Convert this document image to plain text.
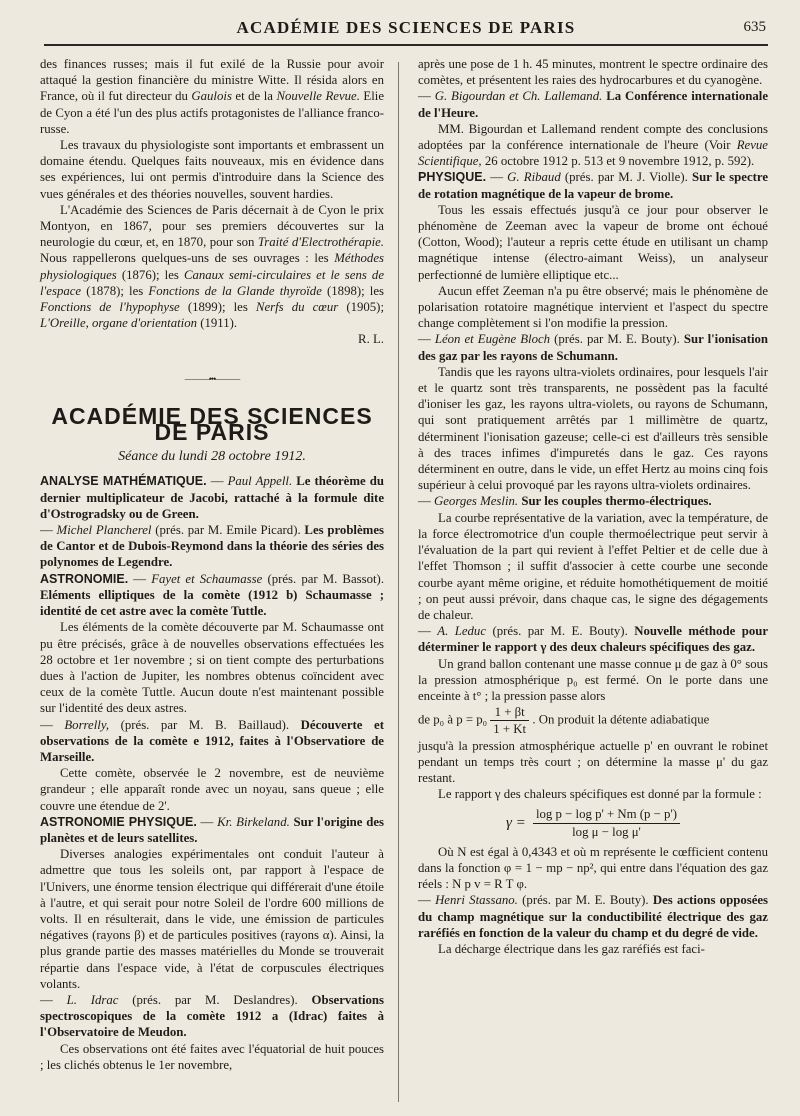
ACADÉMIE DES SCIENCES DE PARIS	635

des finances russes; mais il fut exilé de la Russie pour avoir attaqué la gestion financière du ministre Witte. Il résida alors en France, où il fut directeur du Gaulois et de la Nouvelle Revue. Elie de Cyon a été l'un des plus actifs protagonistes de l'alliance franco-russe.

Les travaux du physiologiste sont importants et embrassent un domaine étendu. Quelques faits nouveaux, mis en évidence dans ses expériences, lui ont permis d'introduire dans la Science des vues générales et des théories nouvelles, souvent hardies.

L'Académie des Sciences de Paris décernait à de Cyon le prix Montyon, en 1867, pour ses premiers découvertes sur la neurologie du cœur, et, en 1870, pour son Traité d'Electrothérapie. Nous rappellerons quelques-uns de ses ouvrages : les Méthodes physiologiques (1876); les Canaux semi-circulaires et le sens de l'espace (1878); les Fonctions de la Glande thyroïde (1898); les Fonctions de l'hypophyse (1899); les Nerfs du cœur (1905); L'Oreille, organe d'orientation (1911).

R. L.
———•••———
ACADÉMIE DES SCIENCES DE PARIS
Séance du lundi 28 octobre 1912.

ANALYSE MATHÉMATIQUE. — Paul Appell. Le théorème du dernier multiplicateur de Jacobi, rattaché à la formule dite d'Ostrogradsky ou de Green.

— Michel Plancherel (prés. par M. Emile Picard). Les problèmes de Cantor et de Dubois-Reymond dans la théorie des séries des polynomes de Legendre.

ASTRONOMIE. — Fayet et Schaumasse (prés. par M. Bassot). Eléments elliptiques de la comète (1912 b) Schaumasse ; identité de cet astre avec la comète Tuttle.

Les éléments de la comète découverte par M. Schaumasse ont pu être précisés, grâce à de nouvelles observations effectuées les 28 octobre et 1er novembre ; si on tient compte des perturbations dues à l'action de Jupiter, les nombres obtenus coïncident avec ceux de la comète Tuttle. Aucun doute n'est maintenant possible sur l'identité des deux astres.

— Borrelly, (prés. par M. B. Baillaud). Découverte et observations de la comète e 1912, faites à l'Observatiore de Marseille.

Cette comète, observée le 2 novembre, est de neuvième grandeur ; elle apparaît ronde avec un noyau, sans queue ; elle couvre une étendue de 2'.

ASTRONOMIE PHYSIQUE. — Kr. Birkeland. Sur l'origine des planètes et de leurs satellites.

Diverses analogies expérimentales ont conduit l'auteur à admettre que tous les soleils ont, par rapport à l'espace de l'Univers, une énorme tension électrique qui différerait d'une étoile à l'autre, et qui serait pour notre Soleil de l'ordre 600 millions de volts. Il en résulterait, dans le vide, une émission de particules négatives (rayons β) et de particules positives (rayons α). Ainsi, la plus grande partie des masses matérielles du Monde se trouverait répartie dans l'espace vide, à l'état de corpuscules électriques volants.

— L. Idrac (prés. par M. Deslandres). Observations spectroscopiques de la comète 1912 a (Idrac) faites à l'Observatoire de Meudon.

Ces observations ont été faites avec l'équatorial de huit pouces ; les clichés obtenus le 1er novembre,

après une pose de 1 h. 45 minutes, montrent le spectre ordinaire des comètes, et présentent les raies des hydrocarbures et du cyanogène.

— G. Bigourdan et Ch. Lallemand. La Conférence internationale de l'Heure.

MM. Bigourdan et Lallemand rendent compte des conclusions adoptées par la conférence internationale de l'heure (Voir Revue Scientifique, 26 octobre 1912 p. 513 et 9 novembre 1912, p. 592).

PHYSIQUE. — G. Ribaud (prés. par M. J. Violle). Sur le spectre de rotation magnétique de la vapeur de brome.

Tous les essais effectués jusqu'à ce jour pour observer le phénomène de Zeeman avec la vapeur de brome ont échoué (Cotton, Wood); l'auteur a repris cette étude en utilisant un champ magnétique intense (électro-aimant Weiss), un analyseur perfectionné de lumière elliptique etc...

Aucun effet Zeeman n'a pu être observé; mais le phénomène de polarisation rotatoire magnétique intervient et l'aspect du spectre change complètement si l'on modifie la pression.

— Léon et Eugène Bloch (prés. par M. E. Bouty). Sur l'ionisation des gaz par les rayons de Schumann.

Tandis que les rayons ultra-violets ordinaires, pour lesquels l'air et le quartz sont très transparents, ne possèdent pas la faculté d'ioniser les gaz, les rayons ultra-violets, ou rayons de Schumann, qui sont pratiquement arrêtés par 1 millimètre de quartz, déterminent l'ionisation gazeuse; celle-ci est d'ailleurs très sensible à des traces infimes d'impuretés dans le gaz. Ces rayons déterminent en outre, dans le vide, un effet Hertz au moins cinq fois supérieur à celui provoqué par les rayons ultra-violets ordinaires.

— Georges Meslin. Sur les couples thermo-électriques.

La courbe représentative de la variation, avec la température, de la force électromotrice d'un couple thermoélectrique peut servir à l'évaluation de la part qui revient à l'effet Peltier et de celle due à l'effet Thomson ; il suffit d'associer à cette courbe une seconde courbe ayant même origine, et réduite homothétiquement de moitié ; on peut aussi prévoir, dans chaque cas, le signe des dégagements de chaleur.

— A. Leduc (prés. par M. E. Bouty). Nouvelle méthode pour déterminer le rapport γ des deux chaleurs spécifiques des gaz.

Un grand ballon contenant une masse connue μ de gaz à 0° sous la pression atmosphérique p₀ est fermé. On le porte dans une enceinte à t° ; la pression passe alors

de p₀ à $p = p_0 \frac{1 + \beta t}{1 + Kt}$ . On produit la détente adiabatique

jusqu'à la pression atmosphérique actuelle p' en ouvrant le robinet pendant un temps très court ; on détermine la masse μ' du gaz restant.

Le rapport γ des chaleurs spécifiques est donné par la formule :

$\gamma = \frac{\text{log p − log p' + Nm (p − p')}}{\text{log μ − log μ'}}$

Où N est égal à 0,4343 et où m représente le cœfficient contenu dans la fonction φ = 1 − mp − np², qui entre dans l'équation des gaz réels : N p v = R T φ.

— Henri Stassano. (prés. par M. E. Bouty). Des actions opposées du champ magnétique sur la conductibilité électrique des gaz raréfiés en fonction de la valeur du champ et du degré de vide.

La décharge électrique dans les gaz raréfiés est faci-
